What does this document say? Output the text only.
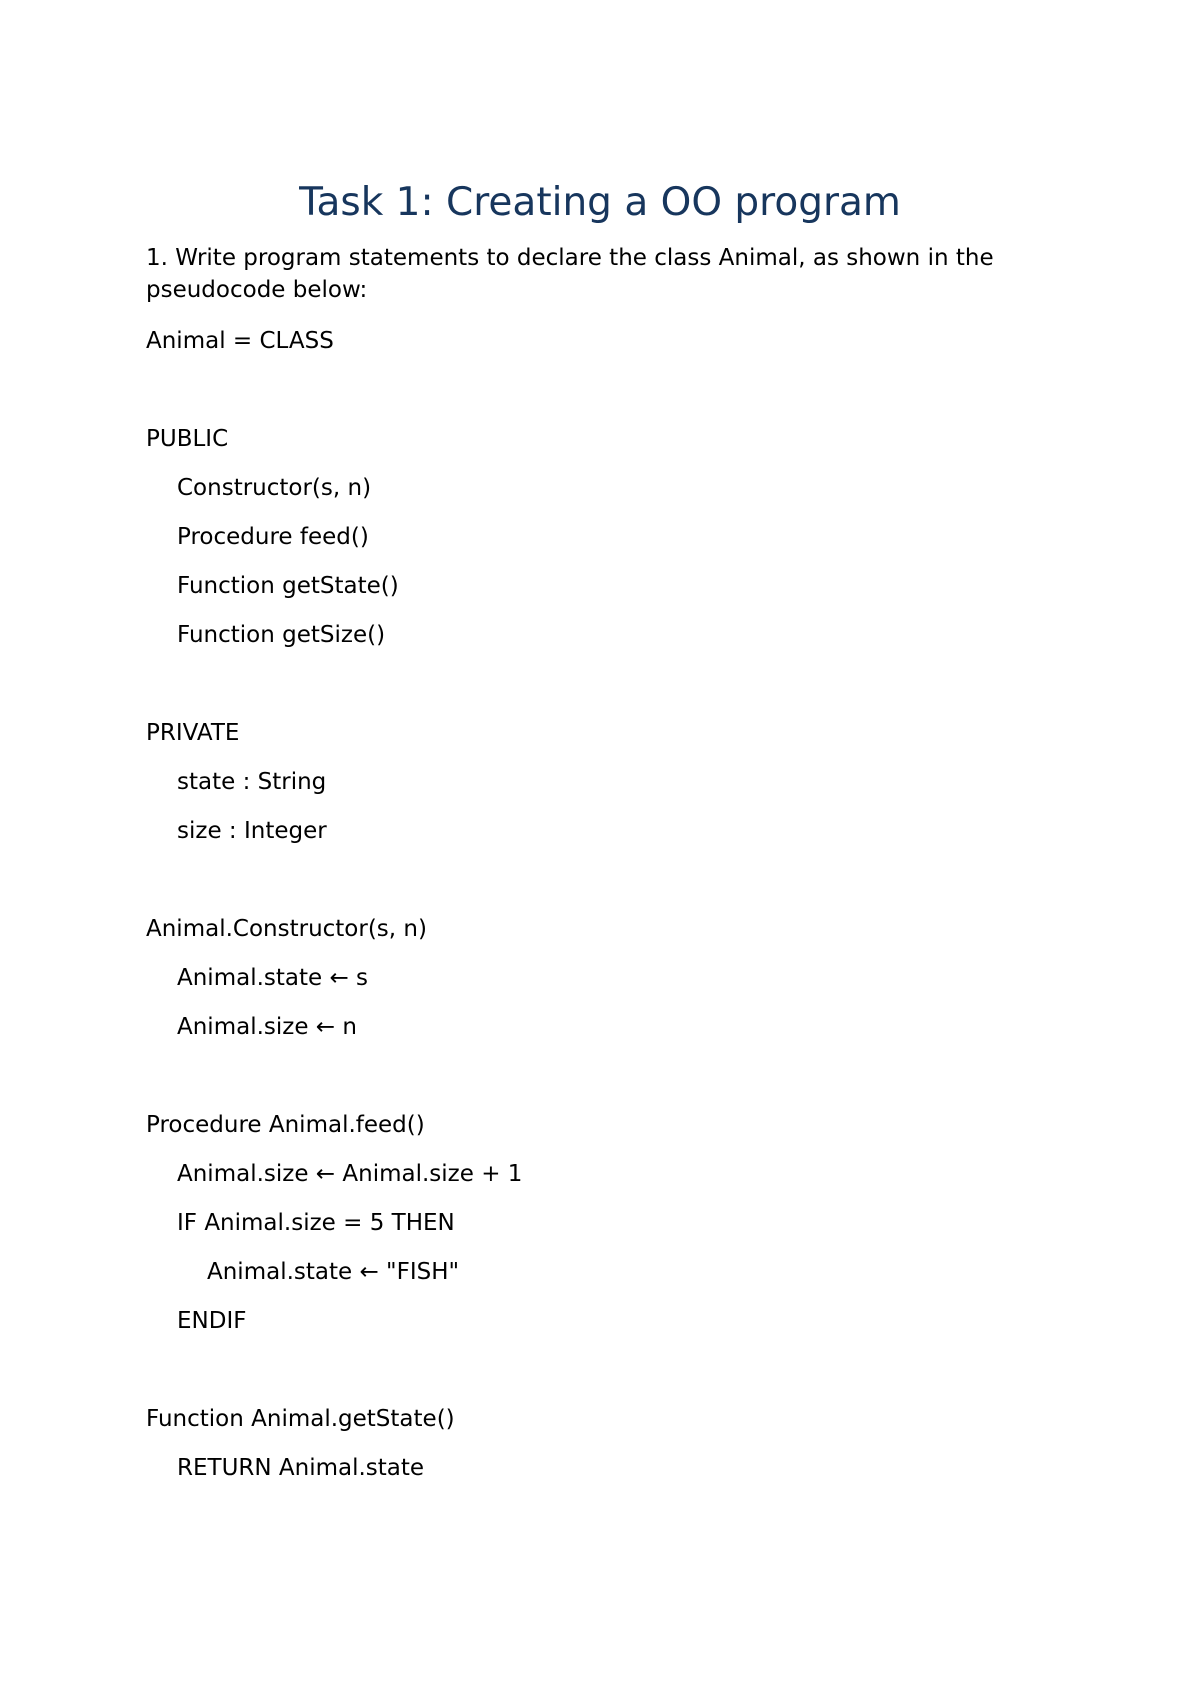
Task 1: Creating a OO program
1. Write program statements to declare the class Animal, as shown in the pseudocode below:
Animal = CLASS
PUBLIC
Constructor(s, n)
Procedure feed()
Function getState()
Function getSize()
PRIVATE
state : String
size : Integer
Animal.Constructor(s, n)
Animal.state ← s
Animal.size ← n
Procedure Animal.feed()
Animal.size ← Animal.size + 1
IF Animal.size = 5 THEN
Animal.state ← "FISH"
ENDIF
Function Animal.getState()
RETURN Animal.state
